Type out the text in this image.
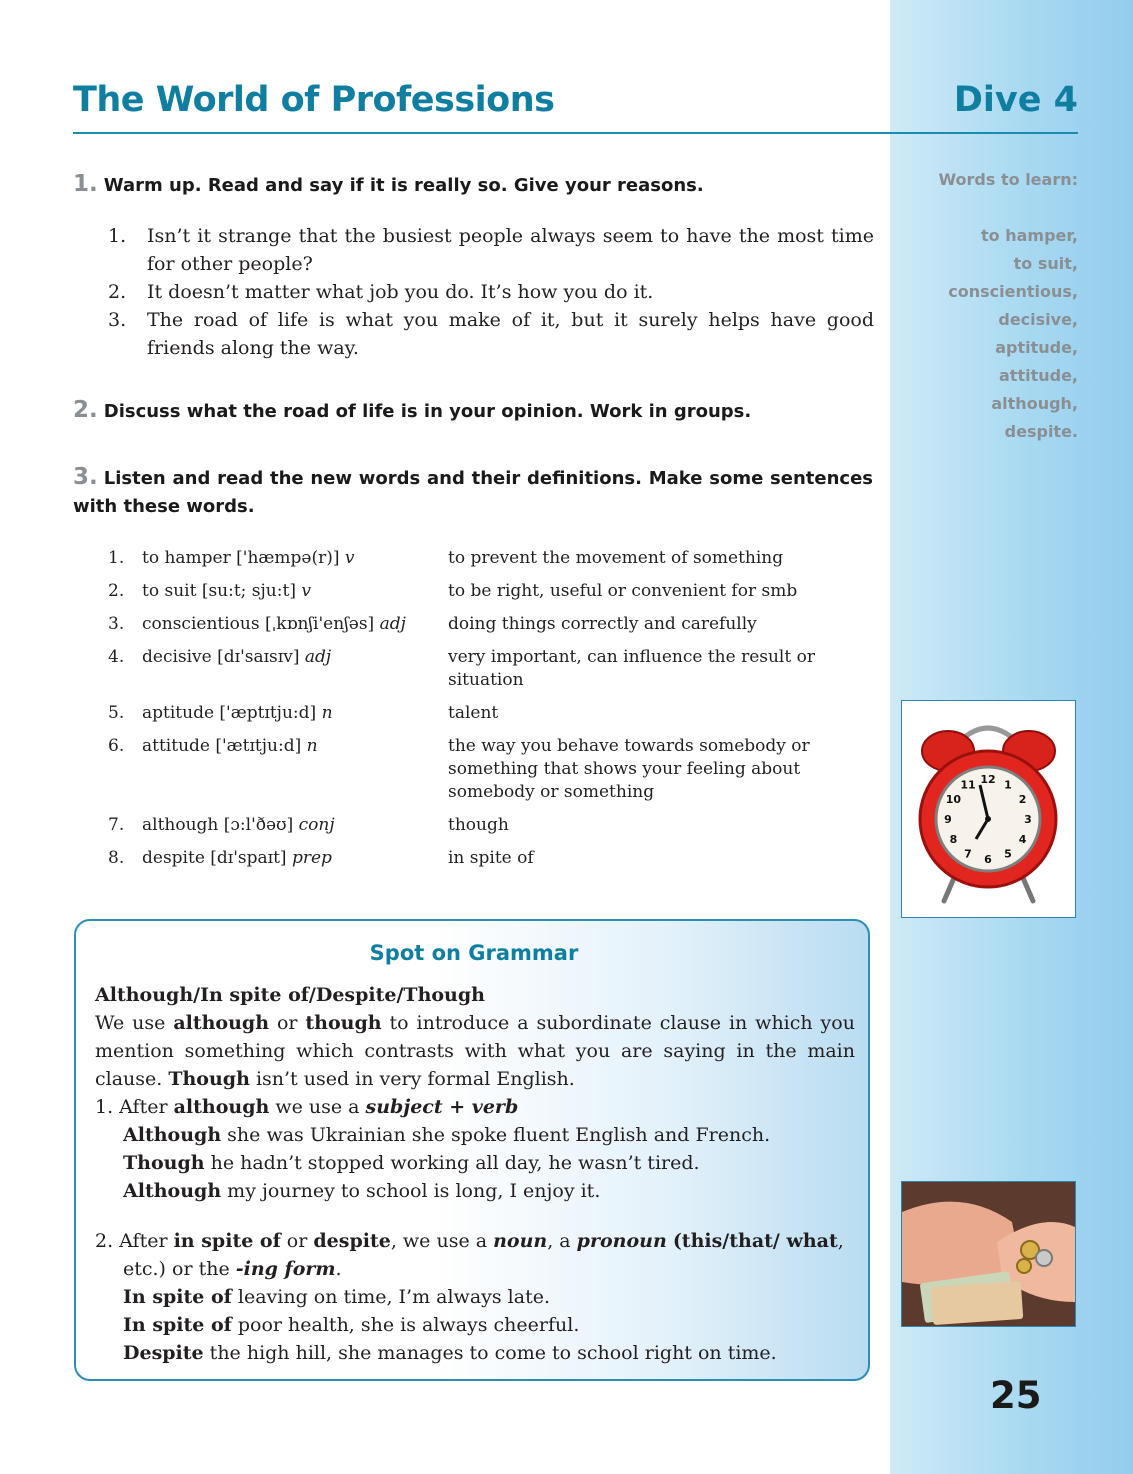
The World of Professions	Dive 4
1. Warm up. Read and say if it is really so. Give your reasons.
1.	Isn’t it strange that the busiest people always seem to have the most time for other people?
2.	It doesn’t matter what job you do. It’s how you do it.
3.	The road of life is what you make of it, but it surely helps have good friends along the way.
2. Discuss what the road of life is in your opinion. Work in groups.
3. Listen and read the new words and their definitions. Make some sentences with these words.
1.	to hamper ['hæmpə(r)] v	to prevent the movement of something
2.	to suit [su:t; sju:t] v	to be right, useful or convenient for smb
3.	conscientious [ˌkɒnʃi'enʃəs] adj	doing things correctly and carefully
4.	decisive [dɪ'saɪsɪv] adj	very important, can influence the result or situation
5.	aptitude ['æptɪtju:d] n	talent
6.	attitude ['ætɪtju:d] n	the way you behave towards somebody or something that shows your feeling about somebody or something
7.	although [ɔ:l'ðəʊ] conj	though
8.	despite [dɪ'spaɪt] prep	in spite of
Spot on Grammar

Although/In spite of/Despite/Though

We use although or though to introduce a subordinate clause in which you mention something which contrasts with what you are saying in the main clause. Though isn’t used in very formal English.

1. After although we use a subject + verb

Although she was Ukrainian she spoke fluent English and French.

Though he hadn’t stopped working all day, he wasn’t tired.

Although my journey to school is long, I enjoy it.

2. After in spite of or despite, we use a noun, a pronoun (this/that/ what, etc.) or the -ing form.

In spite of leaving on time, I’m always late.

In spite of poor health, she is always cheerful.

Despite the high hill, she manages to come to school right on time.

Words to learn:
to hamper,
to suit,
conscientious,
decisive,
aptitude,
attitude,
although,
despite.
12 1
2
3
4
5
6
7
8
9
10
11
25
